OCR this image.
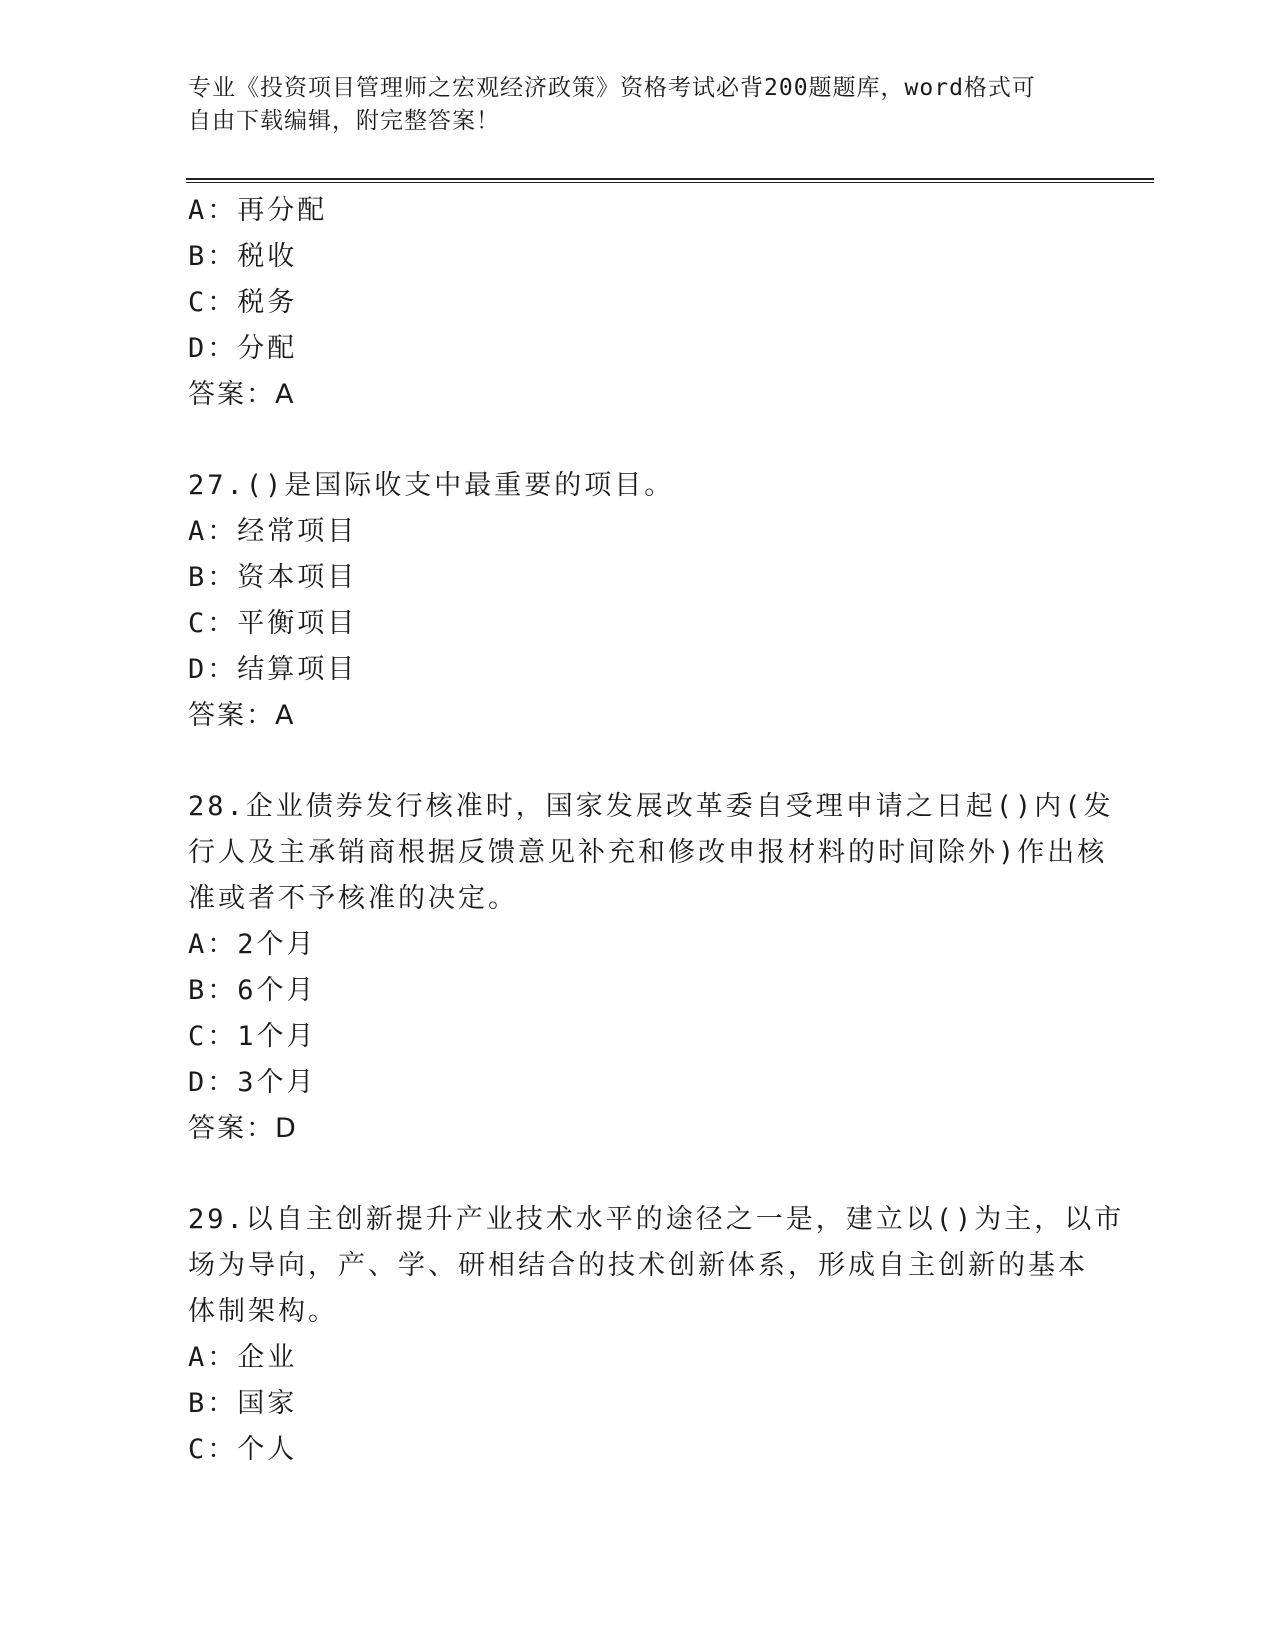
专业《投资项目管理师之宏观经济政策》资格考试必背200题题库，word格式可
自由下载编辑，附完整答案！
A：再分配
B：税收
C：税务
D：分配
答案：A
27.()是国际收支中最重要的项目。
A：经常项目
B：资本项目
C：平衡项目
D：结算项目
答案：A
28.企业债券发行核准时，国家发展改革委自受理申请之日起()内(发
行人及主承销商根据反馈意见补充和修改申报材料的时间除外)作出核
准或者不予核准的决定。
A：2个月
B：6个月
C：1个月
D：3个月
答案：D
29.以自主创新提升产业技术水平的途径之一是，建立以()为主，以市
场为导向，产、学、研相结合的技术创新体系，形成自主创新的基本
体制架构。
A：企业
B：国家
C：个人
